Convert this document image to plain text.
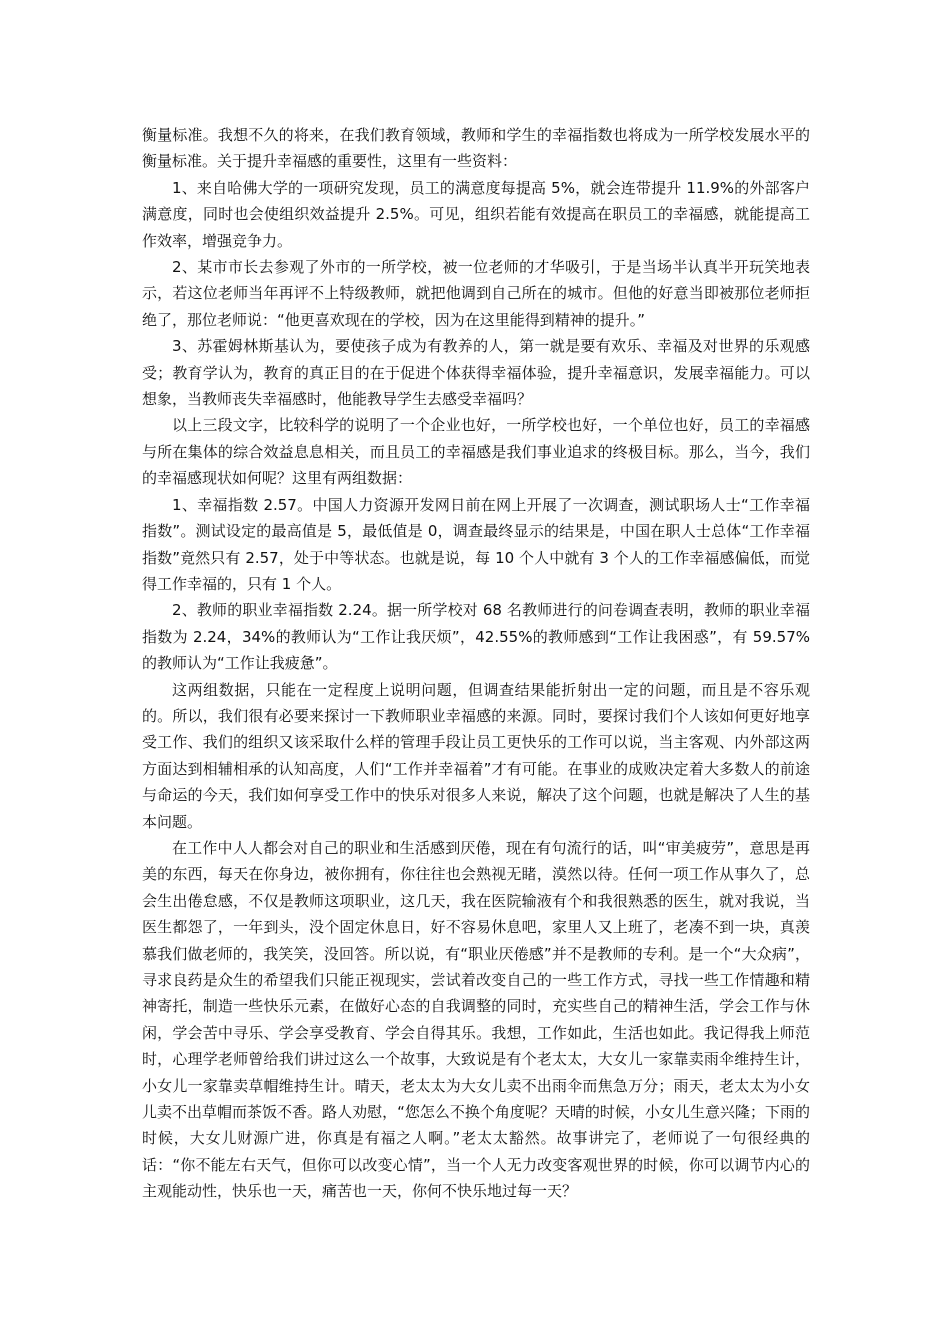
衡量标准。我想不久的将来，在我们教育领域，教师和学生的幸福指数也将成为一所学校发展水平的衡量标准。关于提升幸福感的重要性，这里有一些资料：

1、来自哈佛大学的一项研究发现，员工的满意度每提高 5%，就会连带提升 11.9%的外部客户满意度，同时也会使组织效益提升 2.5%。可见，组织若能有效提高在职员工的幸福感，就能提高工作效率，增强竞争力。

2、某市市长去参观了外市的一所学校，被一位老师的才华吸引，于是当场半认真半开玩笑地表示，若这位老师当年再评不上特级教师，就把他调到自己所在的城市。但他的好意当即被那位老师拒绝了，那位老师说：“他更喜欢现在的学校，因为在这里能得到精神的提升。”

3、苏霍姆林斯基认为，要使孩子成为有教养的人，第一就是要有欢乐、幸福及对世界的乐观感受；教育学认为，教育的真正目的在于促进个体获得幸福体验，提升幸福意识，发展幸福能力。可以想象，当教师丧失幸福感时，他能教导学生去感受幸福吗？

以上三段文字，比较科学的说明了一个企业也好，一所学校也好，一个单位也好，员工的幸福感与所在集体的综合效益息息相关，而且员工的幸福感是我们事业追求的终极目标。那么，当今，我们的幸福感现状如何呢？这里有两组数据：

1、幸福指数 2.57。中国人力资源开发网日前在网上开展了一次调查，测试职场人士“工作幸福指数”。测试设定的最高值是 5，最低值是 0，调查最终显示的结果是，中国在职人士总体“工作幸福指数”竟然只有 2.57，处于中等状态。也就是说，每 10 个人中就有 3 个人的工作幸福感偏低，而觉得工作幸福的，只有 1 个人。

2、教师的职业幸福指数 2.24。据一所学校对 68 名教师进行的问卷调查表明，教师的职业幸福指数为 2.24，34%的教师认为“工作让我厌烦”，42.55%的教师感到“工作让我困惑”，有 59.57%的教师认为“工作让我疲惫”。

这两组数据，只能在一定程度上说明问题，但调查结果能折射出一定的问题，而且是不容乐观的。所以，我们很有必要来探讨一下教师职业幸福感的来源。同时，要探讨我们个人该如何更好地享受工作、我们的组织又该采取什么样的管理手段让员工更快乐的工作可以说，当主客观、内外部这两方面达到相辅相承的认知高度，人们“工作并幸福着”才有可能。在事业的成败决定着大多数人的前途与命运的今天，我们如何享受工作中的快乐对很多人来说，解决了这个问题，也就是解决了人生的基本问题。

在工作中人人都会对自己的职业和生活感到厌倦，现在有句流行的话，叫“审美疲劳”，意思是再美的东西，每天在你身边，被你拥有，你往往也会熟视无睹，漠然以待。任何一项工作从事久了，总会生出倦怠感，不仅是教师这项职业，这几天，我在医院输液有个和我很熟悉的医生，就对我说，当医生都怨了，一年到头，没个固定休息日，好不容易休息吧，家里人又上班了，老凑不到一块，真羡慕我们做老师的，我笑笑，没回答。所以说，有“职业厌倦感”并不是教师的专利。是一个“大众病”，寻求良药是众生的希望我们只能正视现实，尝试着改变自己的一些工作方式，寻找一些工作情趣和精神寄托，制造一些快乐元素，在做好心态的自我调整的同时，充实些自己的精神生活，学会工作与休闲，学会苦中寻乐、学会享受教育、学会自得其乐。我想，工作如此，生活也如此。我记得我上师范时，心理学老师曾给我们讲过这么一个故事，大致说是有个老太太，大女儿一家靠卖雨伞维持生计，小女儿一家靠卖草帽维持生计。晴天，老太太为大女儿卖不出雨伞而焦急万分；雨天，老太太为小女儿卖不出草帽而茶饭不香。路人劝慰，“您怎么不换个角度呢？天晴的时候，小女儿生意兴隆；下雨的时候，大女儿财源广进，你真是有福之人啊。”老太太豁然。故事讲完了，老师说了一句很经典的话：“你不能左右天气，但你可以改变心情”，当一个人无力改变客观世界的时候，你可以调节内心的主观能动性，快乐也一天，痛苦也一天，你何不快乐地过每一天？
